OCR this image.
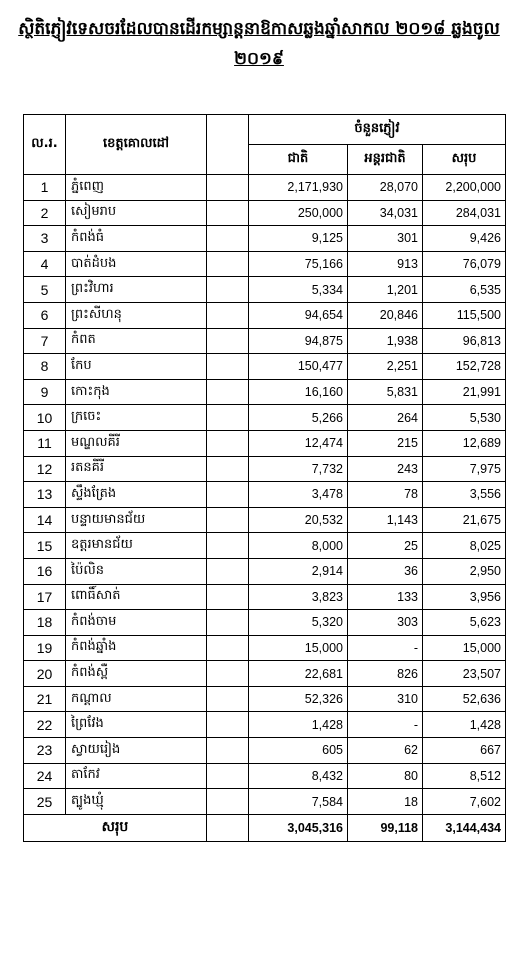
ស្ថិតិភ្ញៀវទេសចរដែលបានដើរកម្សាន្តនាឱកាសឆ្លងឆ្នាំសាកល ២០១៨ ឆ្លងចូល ២០១៩
ល.រ.	ខេត្តគោលដៅ		ចំនួនភ្ញៀវ		
			ជាតិ	អន្តរជាតិ	សរុប
1	ភ្នំពេញ		2,171,930	28,070	2,200,000
2	សៀមរាប		250,000	34,031	284,031
3	កំពង់ធំ		9,125	301	9,426
4	បាត់ដំបង		75,166	913	76,079
5	ព្រះវិហារ		5,334	1,201	6,535
6	ព្រះសីហនុ		94,654	20,846	115,500
7	កំពត		94,875	1,938	96,813
8	កែប		150,477	2,251	152,728
9	កោះកុង		16,160	5,831	21,991
10	ក្រចេះ		5,266	264	5,530
11	មណ្ឌលគីរី		12,474	215	12,689
12	រតនគីរី		7,732	243	7,975
13	ស្ទឹងត្រែង		3,478	78	3,556
14	បន្ទាយមានជ័យ		20,532	1,143	21,675
15	ឧត្តរមានជ័យ		8,000	25	8,025
16	ប៉ៃលិន		2,914	36	2,950
17	ពោធិ៍សាត់		3,823	133	3,956
18	កំពង់ចាម		5,320	303	5,623
19	កំពង់ឆ្នាំង		15,000	-	15,000
20	កំពង់ស្ពឺ		22,681	826	23,507
21	កណ្ដាល		52,326	310	52,636
22	ព្រៃវែង		1,428	-	1,428
23	ស្វាយរៀង		605	62	667
24	តាកែវ		8,432	80	8,512
25	ត្បូងឃ្មុំ		7,584	18	7,602
សរុប			3,045,316	99,118	3,144,434
